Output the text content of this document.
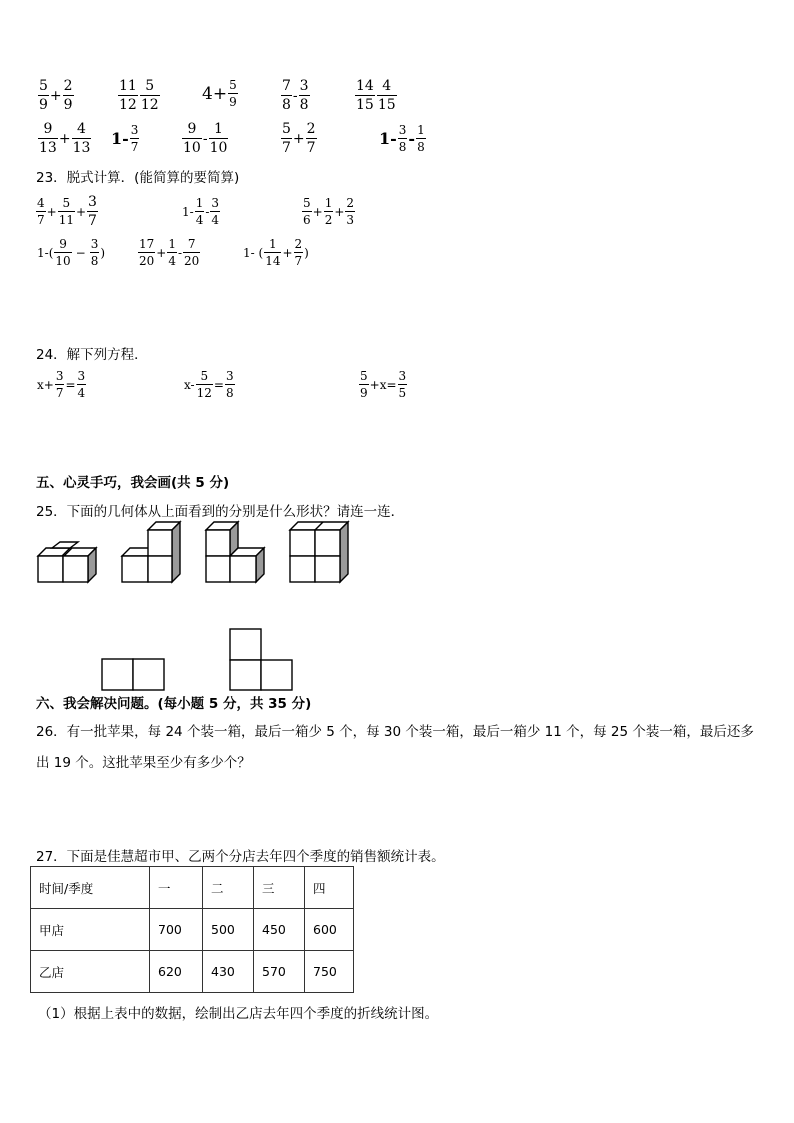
$\frac{5}{9} + \frac{2}{9}$	$\frac{11}{12} \frac{5}{12} 4+ \frac{5}{9}$	$\frac{7}{8} - \frac{3}{8}$	$\frac{14}{15} \frac{4}{15}$
$\frac{9}{13} + \frac{4}{13} 1- \frac{3}{7}$	$\frac{9}{10} - \frac{1}{10}$	$\frac{5}{7} + \frac{2}{7}$	$1- \frac{3}{8} - \frac{1}{8}$
23．脱式计算．(能简算的要简算)
$\frac{4}{7} + \frac{5}{11} + \frac{3}{7}$	$1- \frac{1}{4} - \frac{3}{4}$	$\frac{5}{6} + \frac{1}{2} + \frac{2}{3}$
$1-( \frac{9}{10} - \frac{3}{8}$ )	$\frac{17}{20} + \frac{1}{4} - \frac{7}{20}$	1- ( $\frac{1}{14} + \frac{2}{7}$ )
24．解下列方程．
$x+ \frac{3}{7} = \frac{3}{4}$	$x- \frac{5}{12} = \frac{3}{8}$	$\frac{5}{9} +x= \frac{3}{5}$
五、心灵手巧，我会画(共 5 分)
25．下面的几何体从上面看到的分别是什么形状？请连一连．
六、我会解决问题。(每小题 5 分，共 35 分)
26．有一批苹果，每 24 个装一箱，最后一箱少 5 个，每 30 个装一箱，最后一箱少 11 个，每 25 个装一箱，最后还多
出 19 个。这批苹果至少有多少个？
27．下面是佳慧超市甲、乙两个分店去年四个季度的销售额统计表。
时间/季度	一	二	三	四
甲店	700	500	450	600
乙店	620	430	570	750
（1）根据上表中的数据，绘制出乙店去年四个季度的折线统计图。
